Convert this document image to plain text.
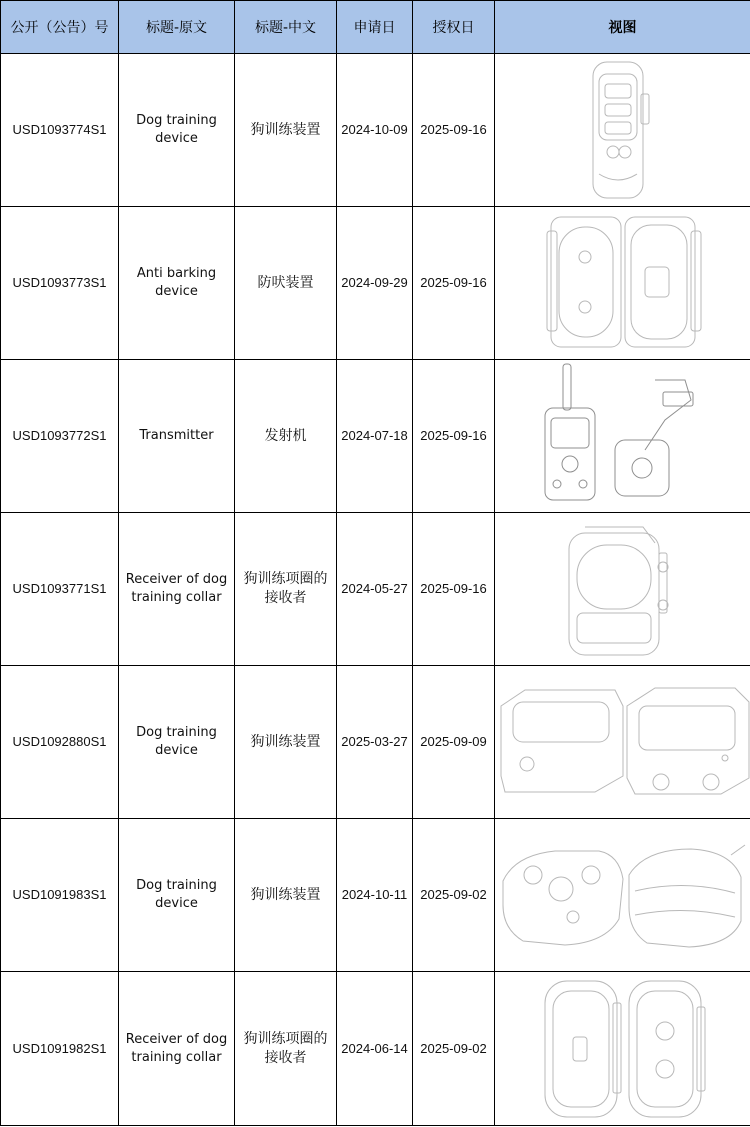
公开（公告）号	标题-原文	标题-中文	申请日	授权日	视图
USD1093774S1	Dog training device	狗训练装置	2024-10-09	2025-09-16	

USD1093773S1	Anti barking device	防吠装置	2024-09-29	2025-09-16	

USD1093772S1	Transmitter	发射机	2024-07-18	2025-09-16	

USD1093771S1	Receiver of dog training collar	狗训练项圈的接收者	2024-05-27	2025-09-16	

USD1092880S1	Dog training device	狗训练装置	2025-03-27	2025-09-09	

USD1091983S1	Dog training device	狗训练装置	2024-10-11	2025-09-02	

USD1091982S1	Receiver of dog training collar	狗训练项圈的接收者	2024-06-14	2025-09-02	
